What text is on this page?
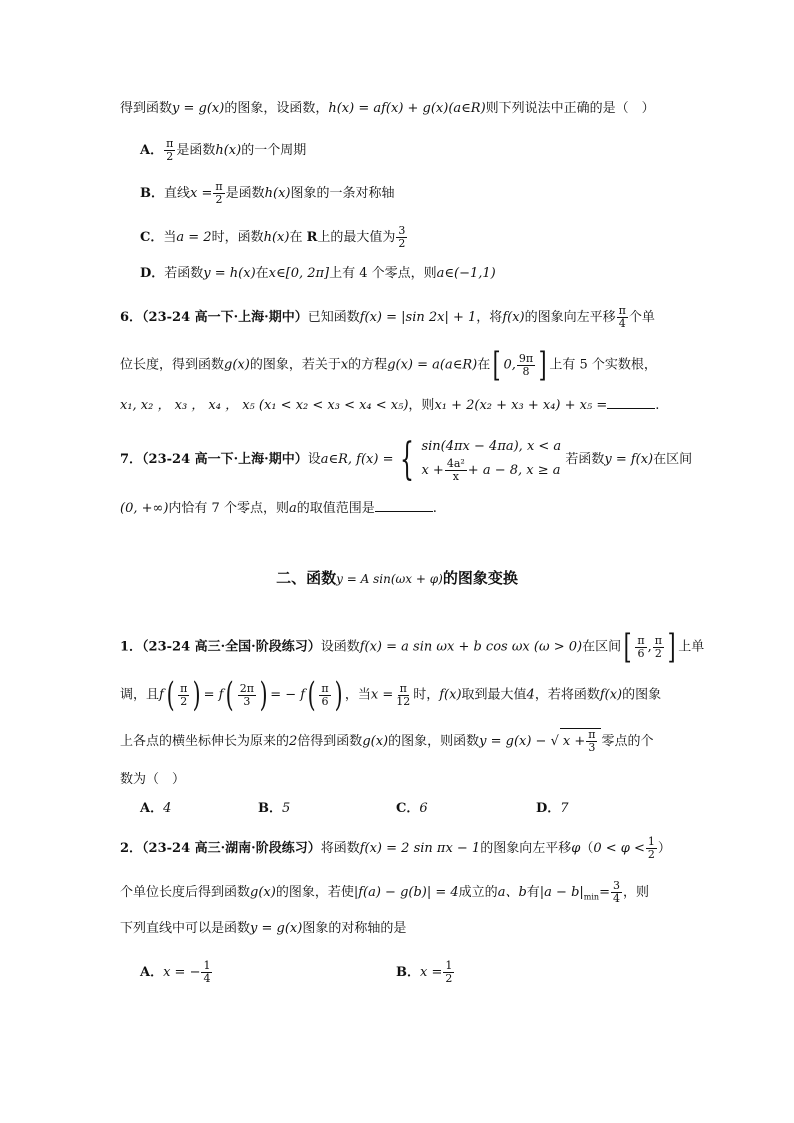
得到函数y = g(x)的图象，设函数，h(x) = af(x) + g(x)(a∈R)则下列说法中正确的是（　）
A． $\frac{\pi}{2}$ 是函数h(x)的一个周期
B．直线$x = \frac{\pi}{2}$ 是函数h(x)图象的一条对称轴
C．当a = 2时，函数h(x)在 R上的最大值为 $\frac{3}{2}$
D．若函数y = h(x)在x∈[0, 2π]上有 4 个零点，则a∈(−1,1)
6．（23-24 高一下·上海·期中）已知函数f(x) = |sin 2x| + 1，将f(x)的图象向左平移 $\frac{\pi}{4}$ 个单
位长度，得到函数g(x)的图象，若关于x的方程g(x) = a(a∈R)在[ 0, $\frac{9\pi}{8}$ ] 上有 5 个实数根，
x₁, x₂ ， x₃ ， x₄ ， x₅ (x₁ < x₂ < x₃ < x₄ < x₅)，则x₁ + 2(x₂ + x₃ + x₄) + x₅ =	.
7．（23-24 高一下·上海·期中）设a∈R, f(x) = { sin(4πx − 4πa), x < a
$x + \frac{\text{4a²}}{x} + a - 8$, x ≥ a
若函数y = f(x)在区间
(0, +∞)内恰有 7 个零点，则a的取值范围是	.
二、函数y = A sin(ωx + φ)的图象变换
1．（23-24 高三·全国·阶段练习）设函数f(x) = a sin ωx + b cos ωx (ω > 0)在区间[ $\frac{\pi}{6}$ , $\frac{\pi}{2}$ ] 上单
调，且$f( \frac{\pi}{2}$ ) = $f( \frac{2\pi}{3}$ ) = − $f( \frac{\pi}{6}$ ) ，当$x = \frac{\pi}{12}$ 时，f(x)取到最大值4，若将函数f(x)的图象
上各点的横坐标伸长为原来的2倍得到函数g(x)的图象，则函数y = g(x) − √ $x + \frac{\pi}{3}$ 零点的个
数为（　）
A．4	B．5	C．6	D．7
2．（23-24 高三·湖南·阶段练习）将函数f(x) = 2 sin πx − 1的图象向左平移$\varphi(0 < \varphi < \frac{1}{2}$ ）
个单位长度后得到函数g(x)的图象，若使|f(a) − g(b)| = 4成立的a、b有$|a - b|_{min}= \frac{3}{4}$ ，则
下列直线中可以是函数y = g(x)图象的对称轴的是
A．x = − $\frac{1}{4}$	B．$x = \frac{1}{2}$
